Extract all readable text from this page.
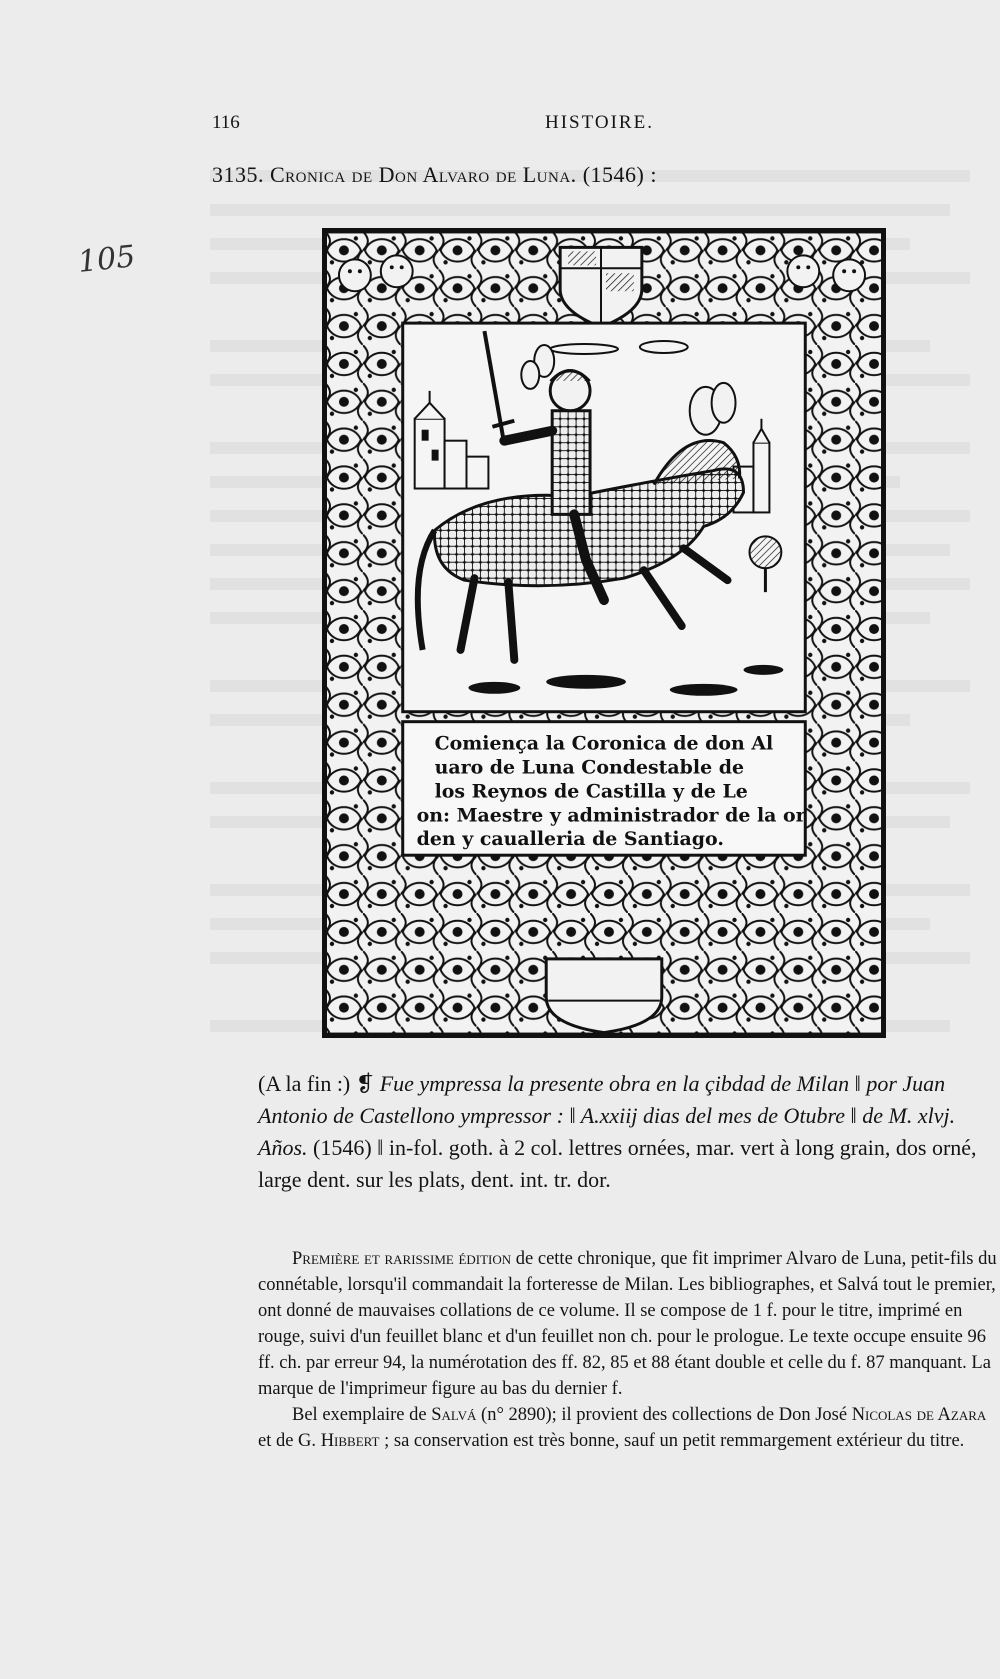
116	HISTOIRE.
3135. Cronica de Don Alvaro de Luna. (1546) :
105
Comiença la Coronica de don Al
uaro de Luna Condestable de
los Reynos de Castilla y de Le
on: Maestre y administrador de la or
den y caualleria de Santiago.
(A la fin :) ❡ Fue ympressa la presente obra en la çibdad de Milan ‖ por Juan Antonio de Castellono ympressor : ‖ A.xxiij dias del mes de Otubre ‖ de M. xlvj. Años. (1546) ‖ in-fol. goth. à 2 col. lettres ornées, mar. vert à long grain, dos orné, large dent. sur les plats, dent. int. tr. dor.

Première et rarissime édition de cette chronique, que fit imprimer Alvaro de Luna, petit-fils du connétable, lorsqu'il commandait la forteresse de Milan. Les bibliographes, et Salvá tout le premier, ont donné de mauvaises collations de ce volume. Il se compose de 1 f. pour le titre, imprimé en rouge, suivi d'un feuillet blanc et d'un feuillet non ch. pour le prologue. Le texte occupe ensuite 96 ff. ch. par erreur 94, la numérotation des ff. 82, 85 et 88 étant double et celle du f. 87 manquant. La marque de l'imprimeur figure au bas du dernier f.

Bel exemplaire de Salvá (n° 2890); il provient des collections de Don José Nicolas de Azara et de G. Hibbert ; sa conservation est très bonne, sauf un petit remmargement extérieur du titre.
